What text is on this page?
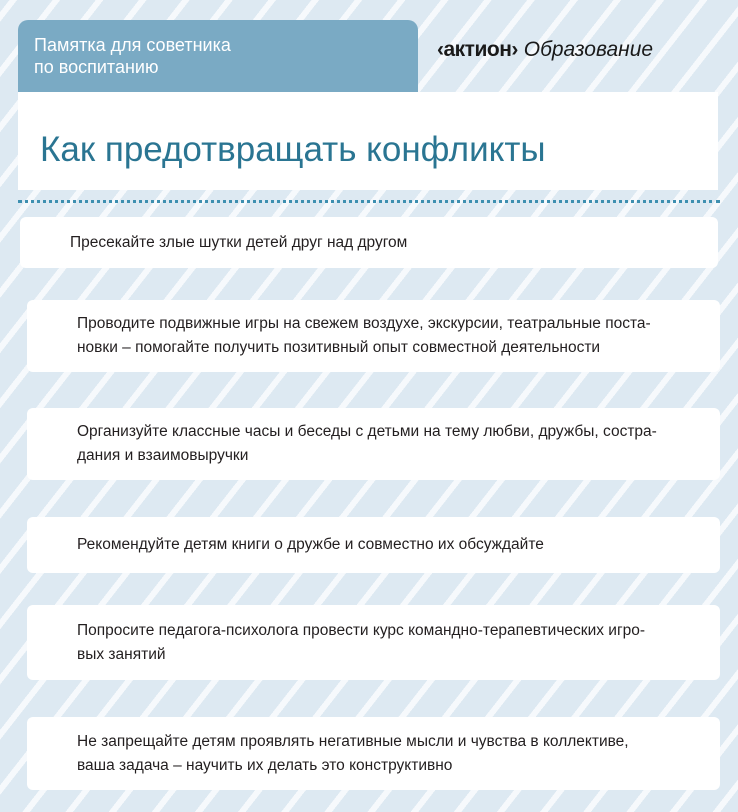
Памятка для советника
по воспитанию
‹актион› Образование
Как предотвращать конфликты
Пресекайте злые шутки детей друг над другом
Проводите подвижные игры на свежем воздухе, экскурсии, театральные поста-
новки – помогайте получить позитивный опыт совместной деятельности
Организуйте классные часы и беседы с детьми на тему любви, дружбы, состра-
дания и взаимовыручки
Рекомендуйте детям книги о дружбе и совместно их обсуждайте
Попросите педагога-психолога провести курс командно-терапевтических игро-
вых занятий
Не запрещайте детям проявлять негативные мысли и чувства в коллективе,
ваша задача – научить их делать это конструктивно
